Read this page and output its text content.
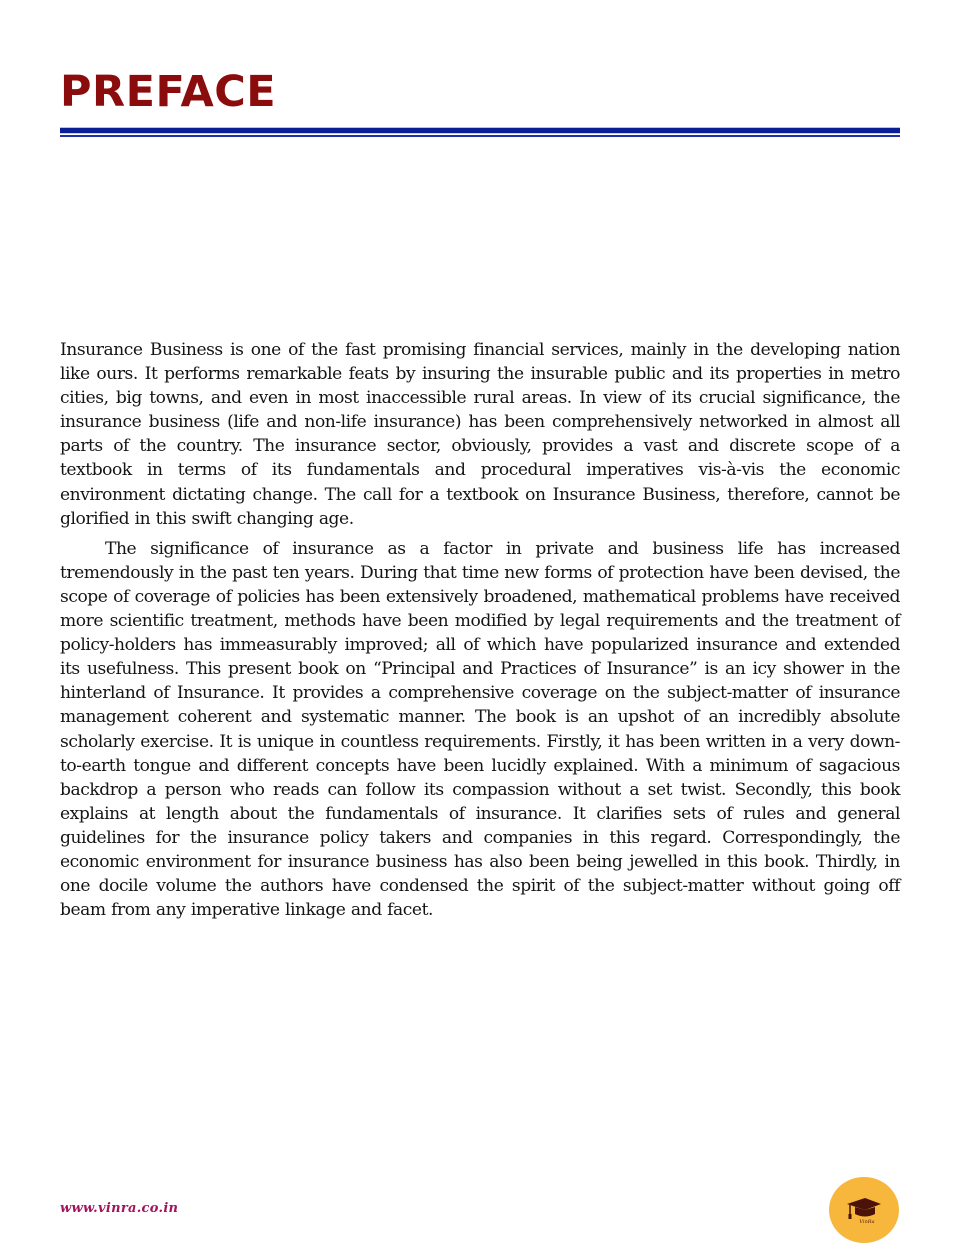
PREFACE

Insurance Business is one of the fast promising financial services, mainly in the developing nation like ours. It performs remarkable feats by insuring the insurable public and its properties in metro cities, big towns, and even in most inaccessible rural areas. In view of its crucial significance, the insurance business (life and non-life insurance) has been comprehensively networked in almost all parts of the country. The insurance sector, obviously, provides a vast and discrete scope of a textbook in terms of its fundamentals and procedural imperatives vis-à-vis the economic environment dictating change. The call for a textbook on Insurance Business, therefore, cannot be glorified in this swift changing age.

The significance of insurance as a factor in private and business life has increased tremendously in the past ten years. During that time new forms of protection have been devised, the scope of coverage of policies has been extensively broadened, mathematical problems have received more scientific treatment, methods have been modified by legal requirements and the treatment of policy-holders has immeasurably improved; all of which have popularized insurance and extended its usefulness. This present book on “Principal and Practices of Insurance” is an icy shower in the hinterland of Insurance. It provides a comprehensive coverage on the subject-matter of insurance management coherent and systematic manner. The book is an upshot of an incredibly absolute scholarly exercise. It is unique in countless requirements. Firstly, it has been written in a very down-to-earth tongue and different concepts have been lucidly explained. With a minimum of sagacious backdrop a person who reads can follow its compassion without a set twist. Secondly, this book explains at length about the fundamentals of insurance. It clarifies sets of rules and general guidelines for the insurance policy takers and companies in this regard. Correspondingly, the economic environment for insurance business has also been being jewelled in this book. Thirdly, in one docile volume the authors have condensed the spirit of the subject-matter without going off beam from any imperative linkage and facet.

www.vinra.co.in
VinRa
